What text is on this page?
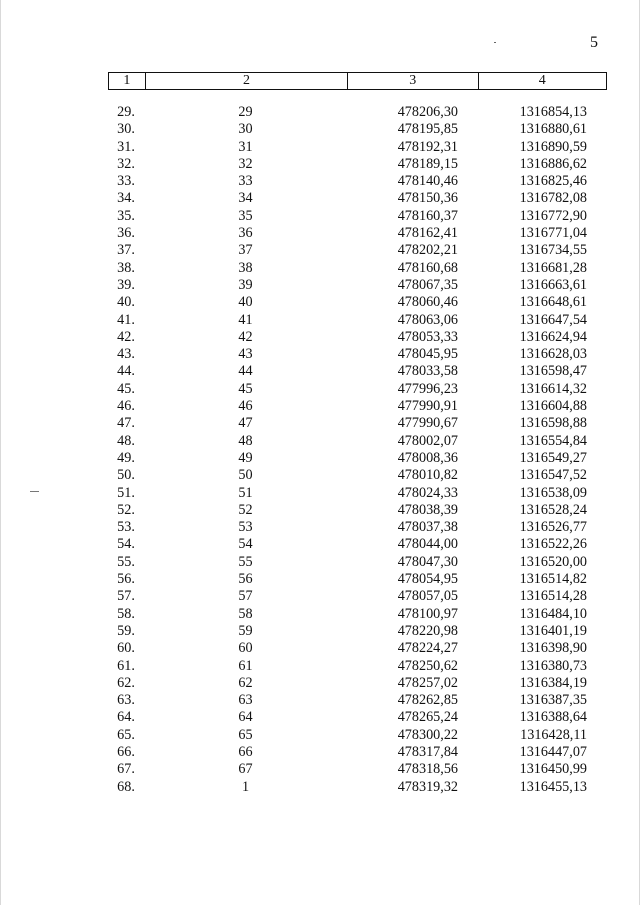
5
1	2	3	4
29.	29	478206,30	1316854,13
30.	30	478195,85	1316880,61
31.	31	478192,31	1316890,59
32.	32	478189,15	1316886,62
33.	33	478140,46	1316825,46
34.	34	478150,36	1316782,08
35.	35	478160,37	1316772,90
36.	36	478162,41	1316771,04
37.	37	478202,21	1316734,55
38.	38	478160,68	1316681,28
39.	39	478067,35	1316663,61
40.	40	478060,46	1316648,61
41.	41	478063,06	1316647,54
42.	42	478053,33	1316624,94
43.	43	478045,95	1316628,03
44.	44	478033,58	1316598,47
45.	45	477996,23	1316614,32
46.	46	477990,91	1316604,88
47.	47	477990,67	1316598,88
48.	48	478002,07	1316554,84
49.	49	478008,36	1316549,27
50.	50	478010,82	1316547,52
51.	51	478024,33	1316538,09
52.	52	478038,39	1316528,24
53.	53	478037,38	1316526,77
54.	54	478044,00	1316522,26
55.	55	478047,30	1316520,00
56.	56	478054,95	1316514,82
57.	57	478057,05	1316514,28
58.	58	478100,97	1316484,10
59.	59	478220,98	1316401,19
60.	60	478224,27	1316398,90
61.	61	478250,62	1316380,73
62.	62	478257,02	1316384,19
63.	63	478262,85	1316387,35
64.	64	478265,24	1316388,64
65.	65	478300,22	1316428,11
66.	66	478317,84	1316447,07
67.	67	478318,56	1316450,99
68.	1	478319,32	1316455,13
